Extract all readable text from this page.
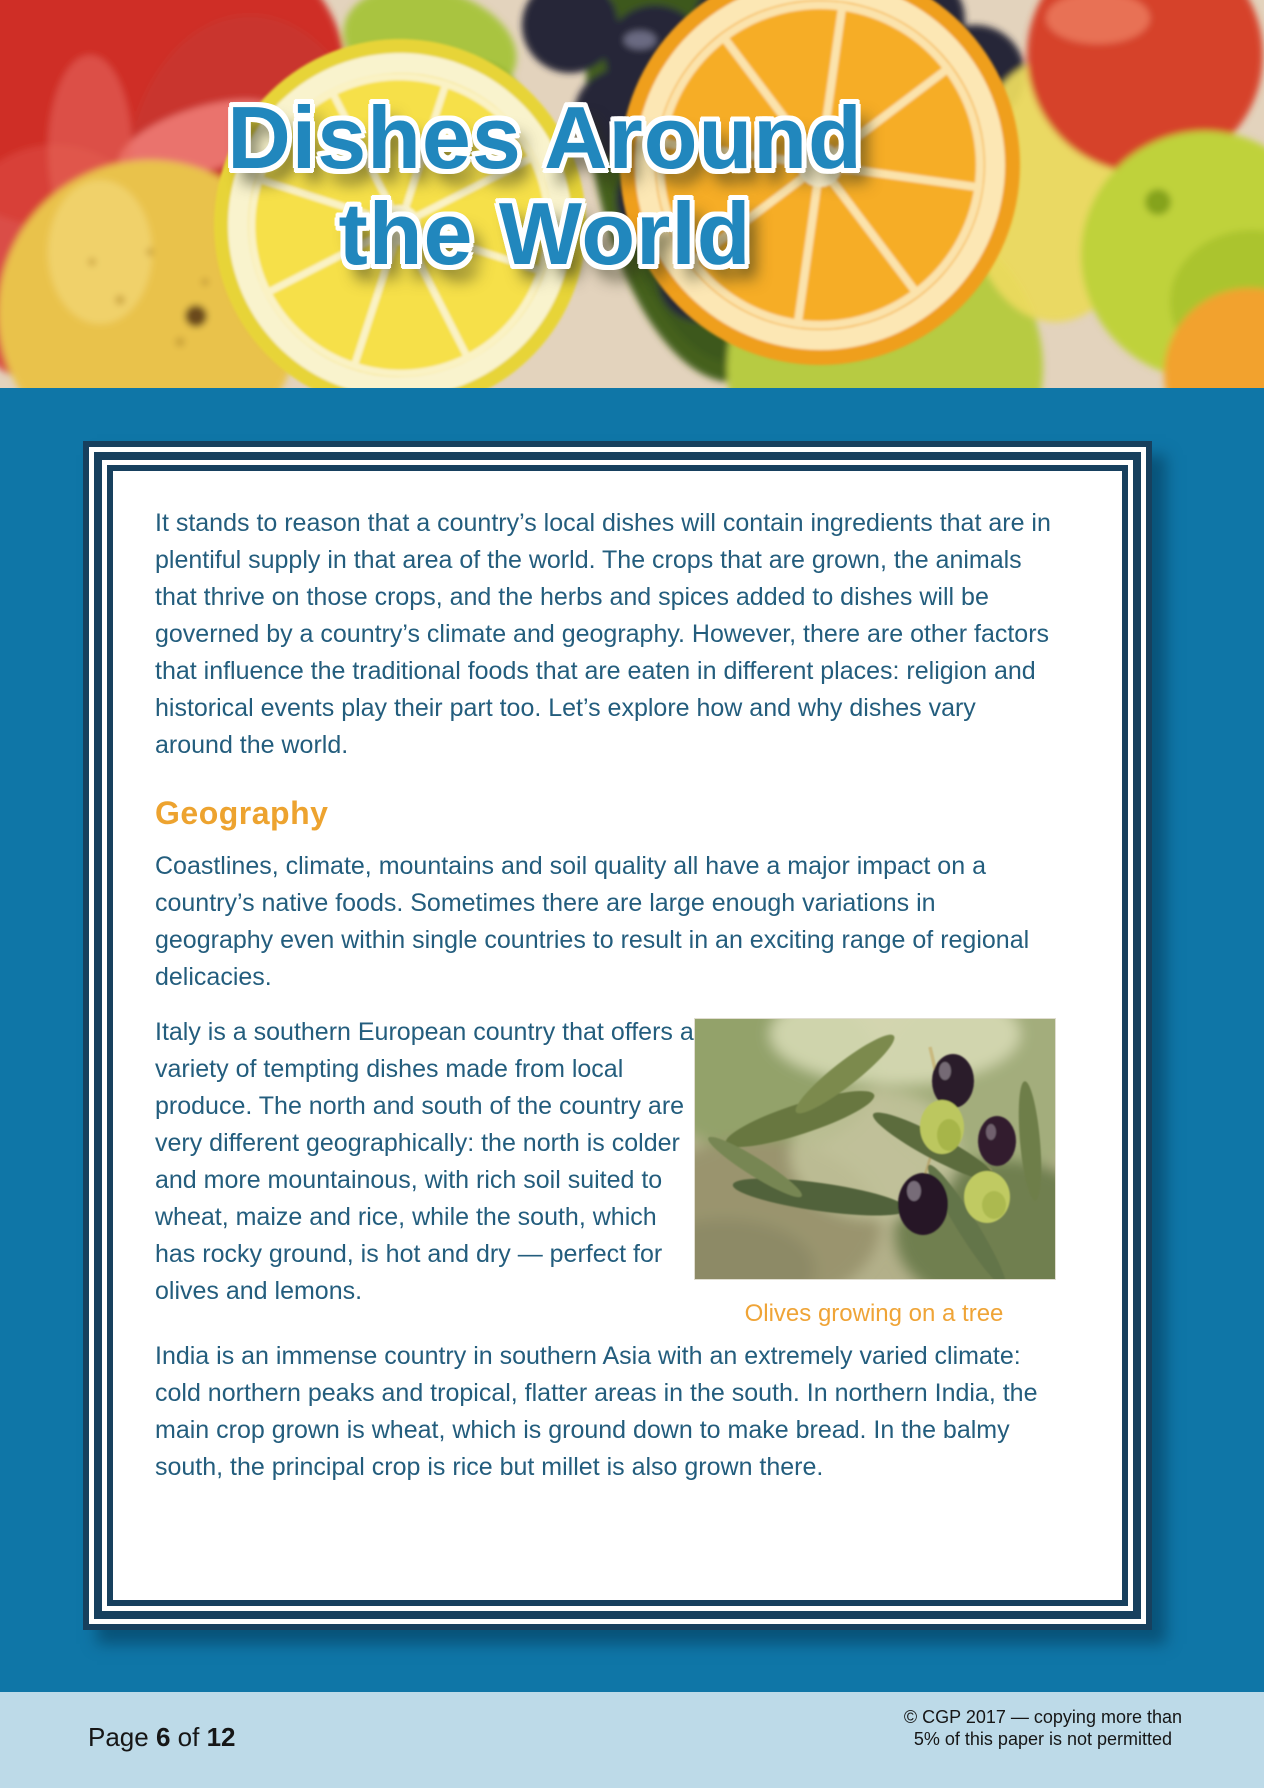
Dishes Around
the World

It stands to reason that a country’s local dishes will contain ingredients that are in plentiful supply in that area of the world. The crops that are grown, the animals that thrive on those crops, and the herbs and spices added to dishes will be governed by a country’s climate and geography. However, there are other factors that influence the traditional foods that are eaten in different places: religion and historical events play their part too. Let’s explore how and why dishes vary around the world.

Geography

Coastlines, climate, mountains and soil quality all have a major impact on a country’s native foods. Sometimes there are large enough variations in geography even within single countries to result in an exciting range of regional delicacies.

Olives growing on a tree

Italy is a southern European country that offers a variety of tempting dishes made from local produce. The north and south of the country are very different geographically: the north is colder and more mountainous, with rich soil suited to wheat, maize and rice, while the south, which has rocky ground, is hot and dry — perfect for olives and lemons.

India is an immense country in southern Asia with an extremely varied climate: cold northern peaks and tropical, flatter areas in the south. In northern India, the main crop grown is wheat, which is ground down to make bread. In the balmy south, the principal crop is rice but millet is also grown there.

Page 6 of 12
© CGP 2017 — copying more than
5% of this paper is not permitted
